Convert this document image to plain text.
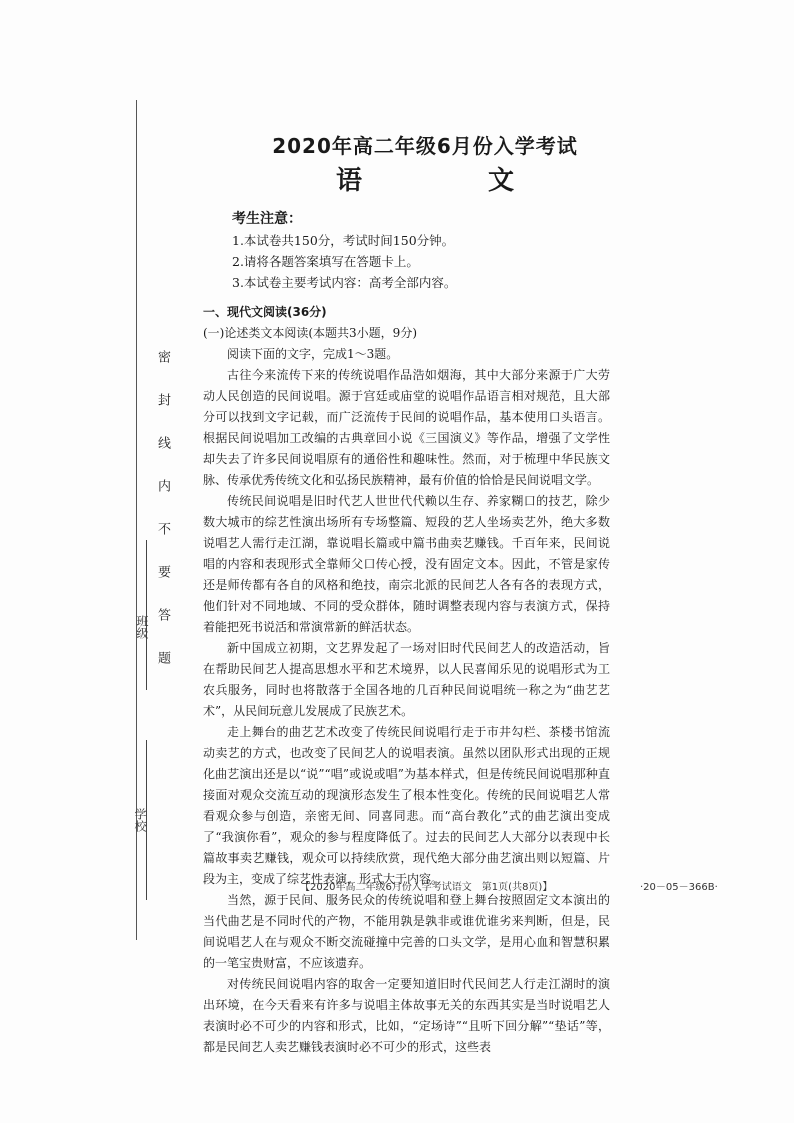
密封线内不要答题
班级
学校
2020年高二年级6月份入学考试
语　文
考生注意：
1.本试卷共150分，考试时间150分钟。
2.请将各题答案填写在答题卡上。
3.本试卷主要考试内容：高考全部内容。
一、现代文阅读(36分)
(一)论述类文本阅读(本题共3小题，9分)
阅读下面的文字，完成1～3题。

古往今来流传下来的传统说唱作品浩如烟海，其中大部分来源于广大劳动人民创造的民间说唱。源于宫廷或庙堂的说唱作品语言相对规范，且大部分可以找到文字记载，而广泛流传于民间的说唱作品，基本使用口头语言。根据民间说唱加工改编的古典章回小说《三国演义》等作品，增强了文学性却失去了许多民间说唱原有的通俗性和趣味性。然而，对于梳理中华民族文脉、传承优秀传统文化和弘扬民族精神，最有价值的恰恰是民间说唱文学。

传统民间说唱是旧时代艺人世世代代赖以生存、养家糊口的技艺，除少数大城市的综艺性演出场所有专场整篇、短段的艺人坐场卖艺外，绝大多数说唱艺人需行走江湖，靠说唱长篇或中篇书曲卖艺赚钱。千百年来，民间说唱的内容和表现形式全靠师父口传心授，没有固定文本。因此，不管是家传还是师传都有各自的风格和绝技，南宗北派的民间艺人各有各的表现方式，他们针对不同地域、不同的受众群体，随时调整表现内容与表演方式，保持着能把死书说活和常演常新的鲜活状态。

新中国成立初期，文艺界发起了一场对旧时代民间艺人的改造活动，旨在帮助民间艺人提高思想水平和艺术境界，以人民喜闻乐见的说唱形式为工农兵服务，同时也将散落于全国各地的几百种民间说唱统一称之为“曲艺艺术”，从民间玩意儿发展成了民族艺术。

走上舞台的曲艺艺术改变了传统民间说唱行走于市井勾栏、茶楼书馆流动卖艺的方式，也改变了民间艺人的说唱表演。虽然以团队形式出现的正规化曲艺演出还是以“说”“唱”或说或唱”为基本样式，但是传统民间说唱那种直接面对观众交流互动的现演形态发生了根本性变化。传统的民间说唱艺人常看观众参与创造，亲密无间、同喜同悲。而“高台教化”式的曲艺演出变成了“我演你看”，观众的参与程度降低了。过去的民间艺人大部分以表现中长篇故事卖艺赚钱，观众可以持续欣赏，现代绝大部分曲艺演出则以短篇、片段为主，变成了综艺性表演，形式大于内容。

当然，源于民间、服务民众的传统说唱和登上舞台按照固定文本演出的当代曲艺是不同时代的产物，不能用孰是孰非或谁优谁劣来判断，但是，民间说唱艺人在与观众不断交流碰撞中完善的口头文学，是用心血和智慧积累的一笔宝贵财富，不应该遗弃。

对传统民间说唱内容的取舍一定要知道旧时代民间艺人行走江湖时的演出环境，在今天看来有许多与说唱主体故事无关的东西其实是当时说唱艺人表演时必不可少的内容和形式，比如，“定场诗”“且听下回分解”“垫话”等，都是民间艺人卖艺赚钱表演时必不可少的形式，这些表

【2020年高二年级6月份入学考试语文　第1页(共8页)】	·20－05－366B·
